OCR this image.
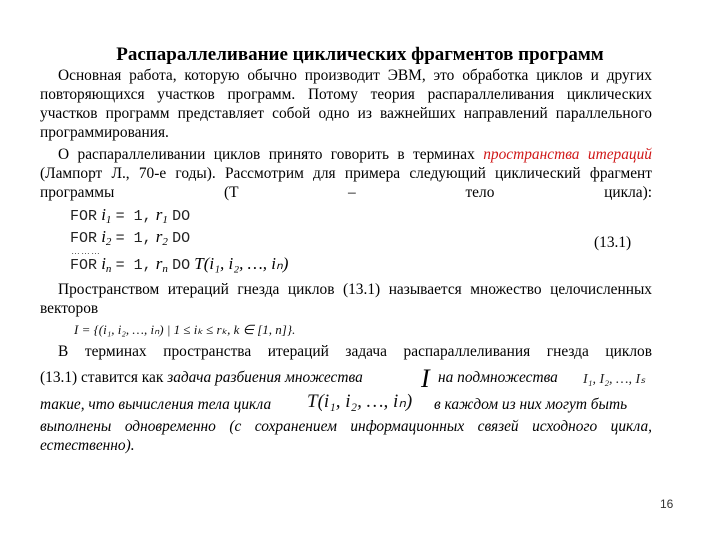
Распараллеливание циклических фрагментов программ
Основная работа, которую обычно производит ЭВМ, это обработка циклов и других повторяющихся участков программ. Потому теория распараллеливания циклических участков программ представляет собой одно из важнейших направлений параллельного программирования.
О распараллеливании циклов принято говорить в терминах пространства итераций (Лампорт Л., 70-е годы). Рассмотрим для примера следующий циклический фрагмент программы (T – тело цикла):
FOR $i_1 = 1$, $r_1$ DO
FOR $i_2 = 1$, $r_2$ DO
………
FOR $i_n = 1$, $r_n$ DO T(i₁, i₂, …, iₙ)
(13.1)
Пространством итераций гнезда циклов (13.1) называется множество целочисленных векторов
I = {(i₁, i₂, …, iₙ) | 1 ≤ iₖ ≤ rₖ, k ∈ [1, n]}.
В терминах пространства итераций задача распараллеливания гнезда циклов
(13.1) ставится как задача разбиения множества I на подмножества I₁, I₂, …, Iₛ
такие, что вычисления тела цикла T(i₁, i₂, …, iₙ) в каждом из них могут быть
выполнены одновременно (с сохранением информационных связей исходного цикла, естественно).
16
